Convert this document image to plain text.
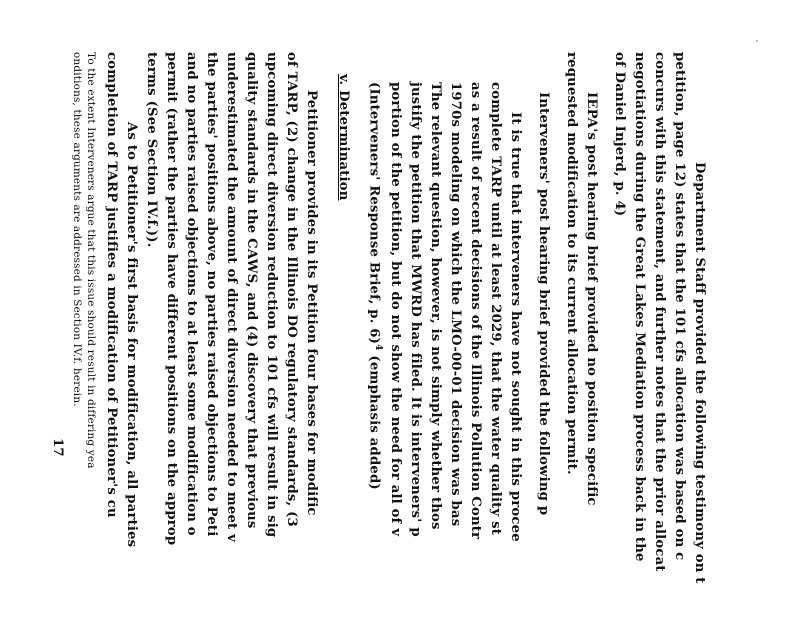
Department Staff provided the following testimony on t
petition, page 12) states that the 101 cfs allocation was based on c
concurs with this statement, and further notes that the prior allocat
negotiations during the Great Lakes Mediation process back in the
of Daniel Injerd, p. 4)
IEPA's post hearing brief provided no position specific
requested modification to its current allocation permit.
Interveners' post hearing brief provided the following p
It is true that interveners have not sought in this procee
complete TARP until at least 2029, that the water quality st
as a result of recent decisions of the Illinois Pollution Contr
1970s modeling on which the LMO-00-01 decision was bas
The relevant question, however, is not simply whether thos
justify the petition that MWRD has filed. It is interveners' p
portion of the petition, but do not show the need for all of v
(Interveners' Response Brief, p. 6)$^4$ (emphasis added)
v. Determination
Petitioner provides in its Petition four bases for modific
of TARP, (2) change in the Illinois DO regulatory standards, (3
upcoming direct diversion reduction to 101 cfs will result in sig
quality standards in the CAWS, and (4) discovery that previous
underestimated the amount of direct diversion needed to meet v
the parties' positions above, no parties raised objections to Peti
and no parties raised objections to at least some modification o
permit (rather the parties have different positions on the approp
terms (See Section IV.f.)).
As to Petitioner's first basis for modification, all parties
completion of TARP justifies a modification of Petitioner's cu
To the extent Interveners argue that this issue should result in differing yea
onditions, these arguments are addressed in Section IV.f. herein.
17
